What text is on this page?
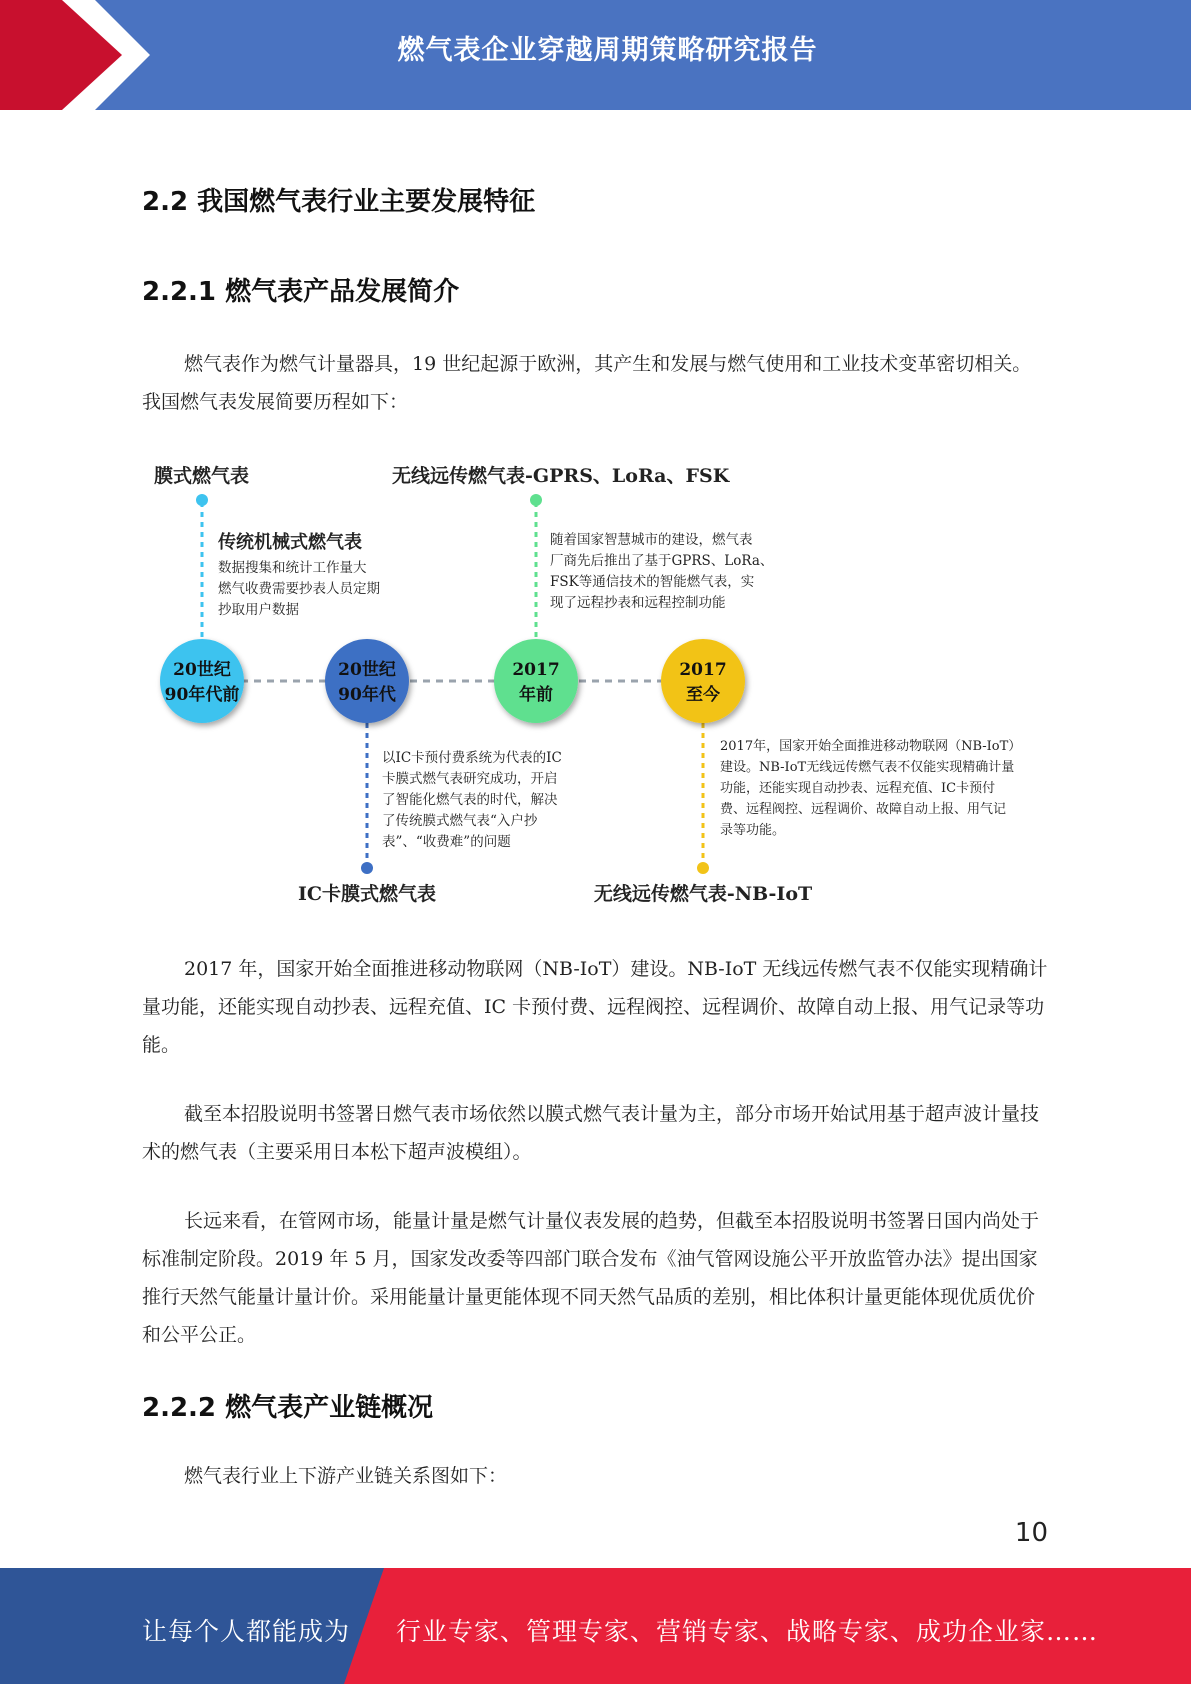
燃气表企业穿越周期策略研究报告
2.2 我国燃气表行业主要发展特征
2.2.1 燃气表产品发展简介

燃气表作为燃气计量器具，19 世纪起源于欧洲，其产生和发展与燃气使用和工业技术变革密切相关。我国燃气表发展简要历程如下：

20世纪
90年代前
20世纪
90年代
2017
年前
2017
至今
膜式燃气表
传统机械式燃气表
数据搜集和统计工作量大
燃气收费需要抄表人员定期
抄取用户数据
无线远传燃气表-GPRS、LoRa、FSK
随着国家智慧城市的建设，燃气表
厂商先后推出了基于GPRS、LoRa、
FSK等通信技术的智能燃气表，实
现了远程抄表和远程控制功能
以IC卡预付费系统为代表的IC
卡膜式燃气表研究成功，开启
了智能化燃气表的时代，解决
了传统膜式燃气表“入户抄
表”、“收费难”的问题
IC卡膜式燃气表
2017年，国家开始全面推进移动物联网（NB-IoT）
建设。NB-IoT无线远传燃气表不仅能实现精确计量
功能，还能实现自动抄表、远程充值、IC卡预付
费、远程阀控、远程调价、故障自动上报、用气记
录等功能。
无线远传燃气表-NB-IoT

2017 年，国家开始全面推进移动物联网（NB-IoT）建设。NB-IoT 无线远传燃气表不仅能实现精确计量功能，还能实现自动抄表、远程充值、IC 卡预付费、远程阀控、远程调价、故障自动上报、用气记录等功能。

截至本招股说明书签署日燃气表市场依然以膜式燃气表计量为主，部分市场开始试用基于超声波计量技术的燃气表（主要采用日本松下超声波模组）。

长远来看，在管网市场，能量计量是燃气计量仪表发展的趋势，但截至本招股说明书签署日国内尚处于标准制定阶段。2019 年 5 月，国家发改委等四部门联合发布《油气管网设施公平开放监管办法》提出国家推行天然气能量计量计价。采用能量计量更能体现不同天然气品质的差别，相比体积计量更能体现优质优价和公平公正。

2.2.2 燃气表产业链概况

燃气表行业上下游产业链关系图如下：

10
让每个人都能成为 行业专家、管理专家、营销专家、战略专家、成功企业家……
